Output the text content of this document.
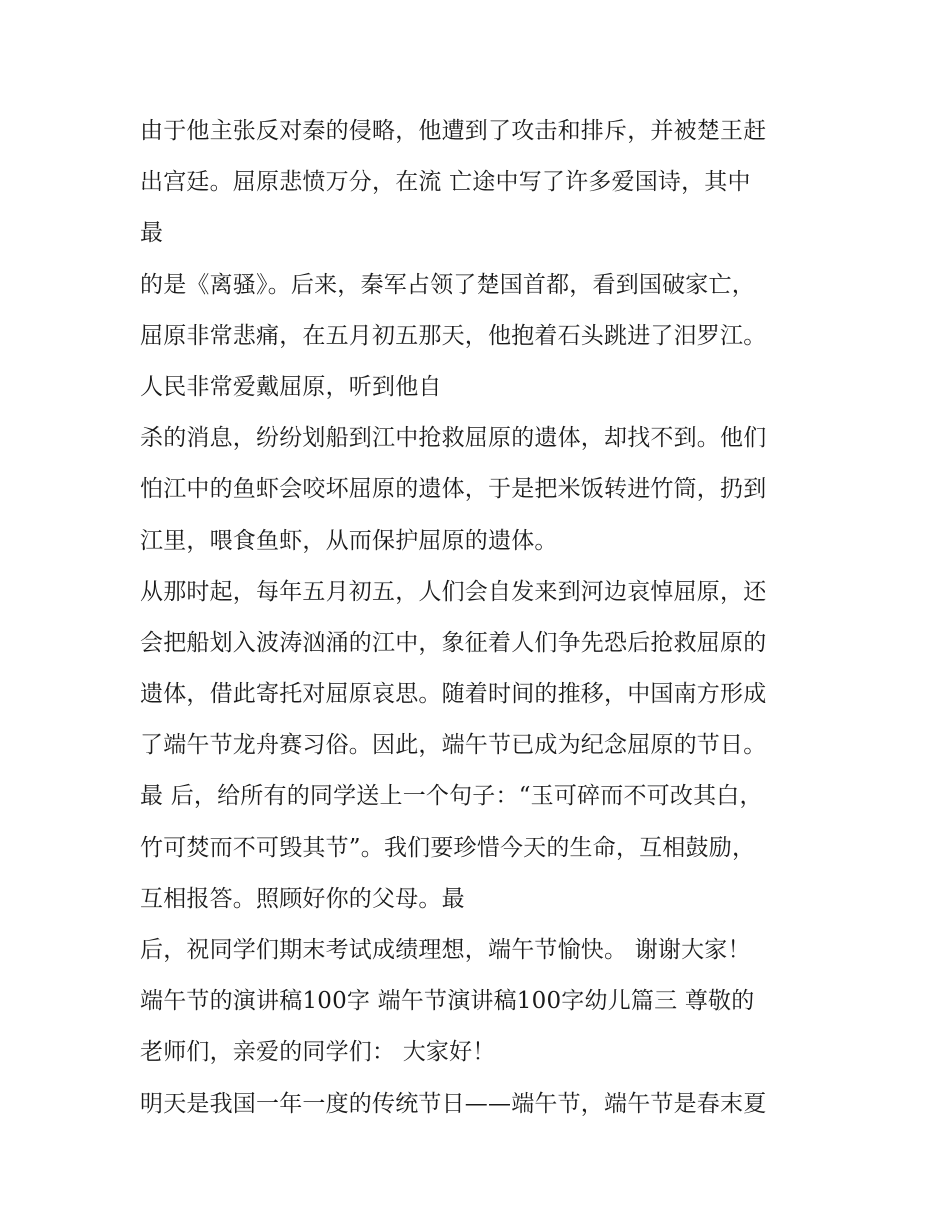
由于他主张反对秦的侵略，他遭到了攻击和排斥，并被楚王赶
出宫廷。屈原悲愤万分，在流 亡途中写了许多爱国诗，其中
最
的是《离骚》。后来，秦军占领了楚国首都，看到国破家亡，
屈原非常悲痛，在五月初五那天，他抱着石头跳进了汨罗江。
人民非常爱戴屈原，听到他自
杀的消息，纷纷划船到江中抢救屈原的遗体，却找不到。他们
怕江中的鱼虾会咬坏屈原的遗体，于是把米饭转进竹筒，扔到
江里，喂食鱼虾，从而保护屈原的遗体。
从那时起，每年五月初五，人们会自发来到河边哀悼屈原，还
会把船划入波涛汹涌的江中，象征着人们争先恐后抢救屈原的
遗体，借此寄托对屈原哀思。随着时间的推移，中国南方形成
了端午节龙舟赛习俗。因此，端午节已成为纪念屈原的节日。
最 后，给所有的同学送上一个句子：“玉可碎而不可改其白，
竹可焚而不可毁其节”。我们要珍惜今天的生命，互相鼓励，
互相报答。照顾好你的父母。最
后，祝同学们期末考试成绩理想，端午节愉快。 谢谢大家！
端午节的演讲稿100字 端午节演讲稿100字幼儿篇三 尊敬的
老师们，亲爱的同学们： 大家好！
明天是我国一年一度的传统节日——端午节，端午节是春末夏
